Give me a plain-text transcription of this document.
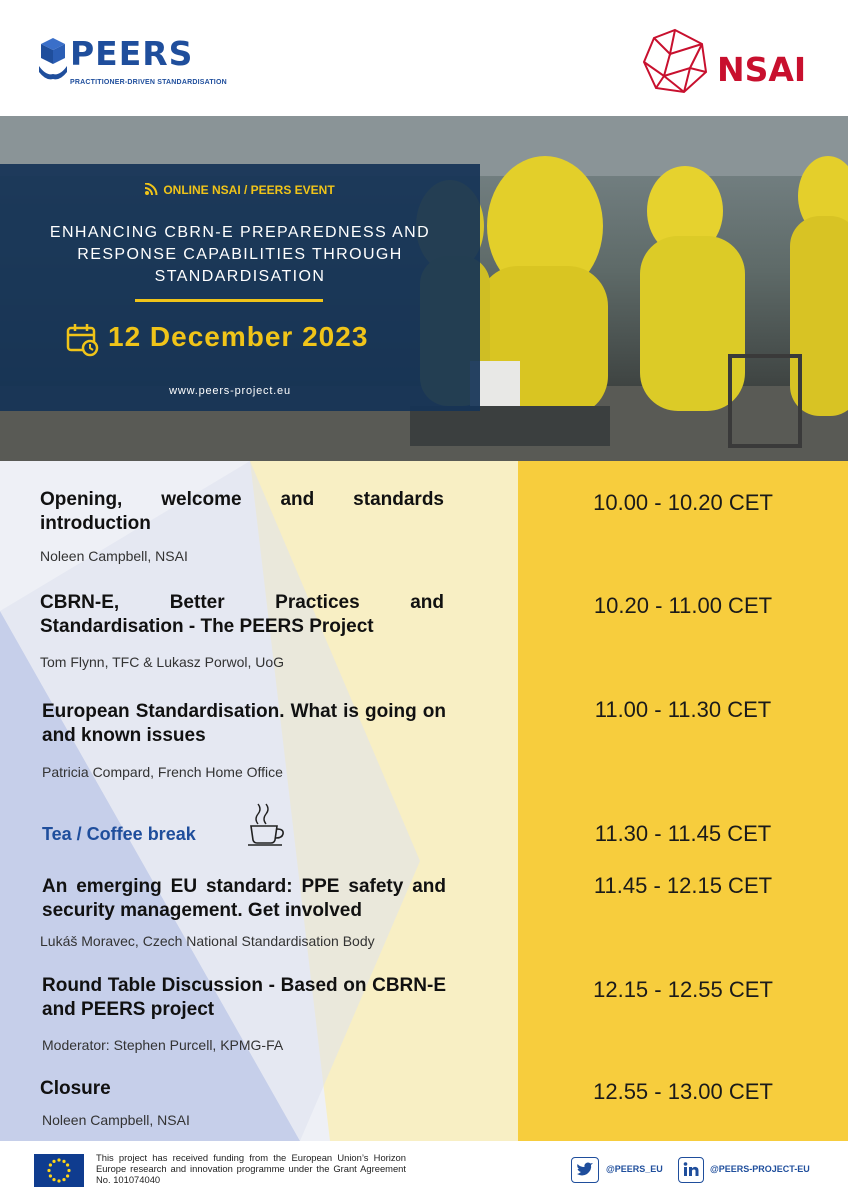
PEERS
PRACTITIONER-DRIVEN STANDARDISATION	NSAI
ONLINE NSAI / PEERS EVENT
ENHANCING CBRN-E PREPAREDNESS AND
RESPONSE CAPABILITIES THROUGH
STANDARDISATION
12 December 2023
www.peers-project.eu
Opening, welcome and standards introduction
Noleen Campbell, NSAI
10.00 - 10.20 CET
CBRN-E, Better Practices and Standardisation - The PEERS Project
Tom Flynn, TFC & Lukasz Porwol, UoG
10.20 - 11.00 CET
European Standardisation. What is going on and known issues
Patricia Compard, French Home Office
11.00 - 11.30 CET
Tea / Coffee break	11.30 - 11.45 CET
An emerging EU standard: PPE safety and security management. Get involved
Lukáš Moravec, Czech National Standardisation Body
11.45 - 12.15 CET
Round Table Discussion - Based on CBRN-E and PEERS project
Moderator: Stephen Purcell, KPMG-FA
12.15 - 12.55 CET
Closure
Noleen Campbell, NSAI
12.55 - 13.00 CET
This project has received funding from the European Union’s Horizon Europe research and innovation programme under the Grant Agreement No. 101074040
@PEERS_EU	@PEERS-PROJECT-EU
